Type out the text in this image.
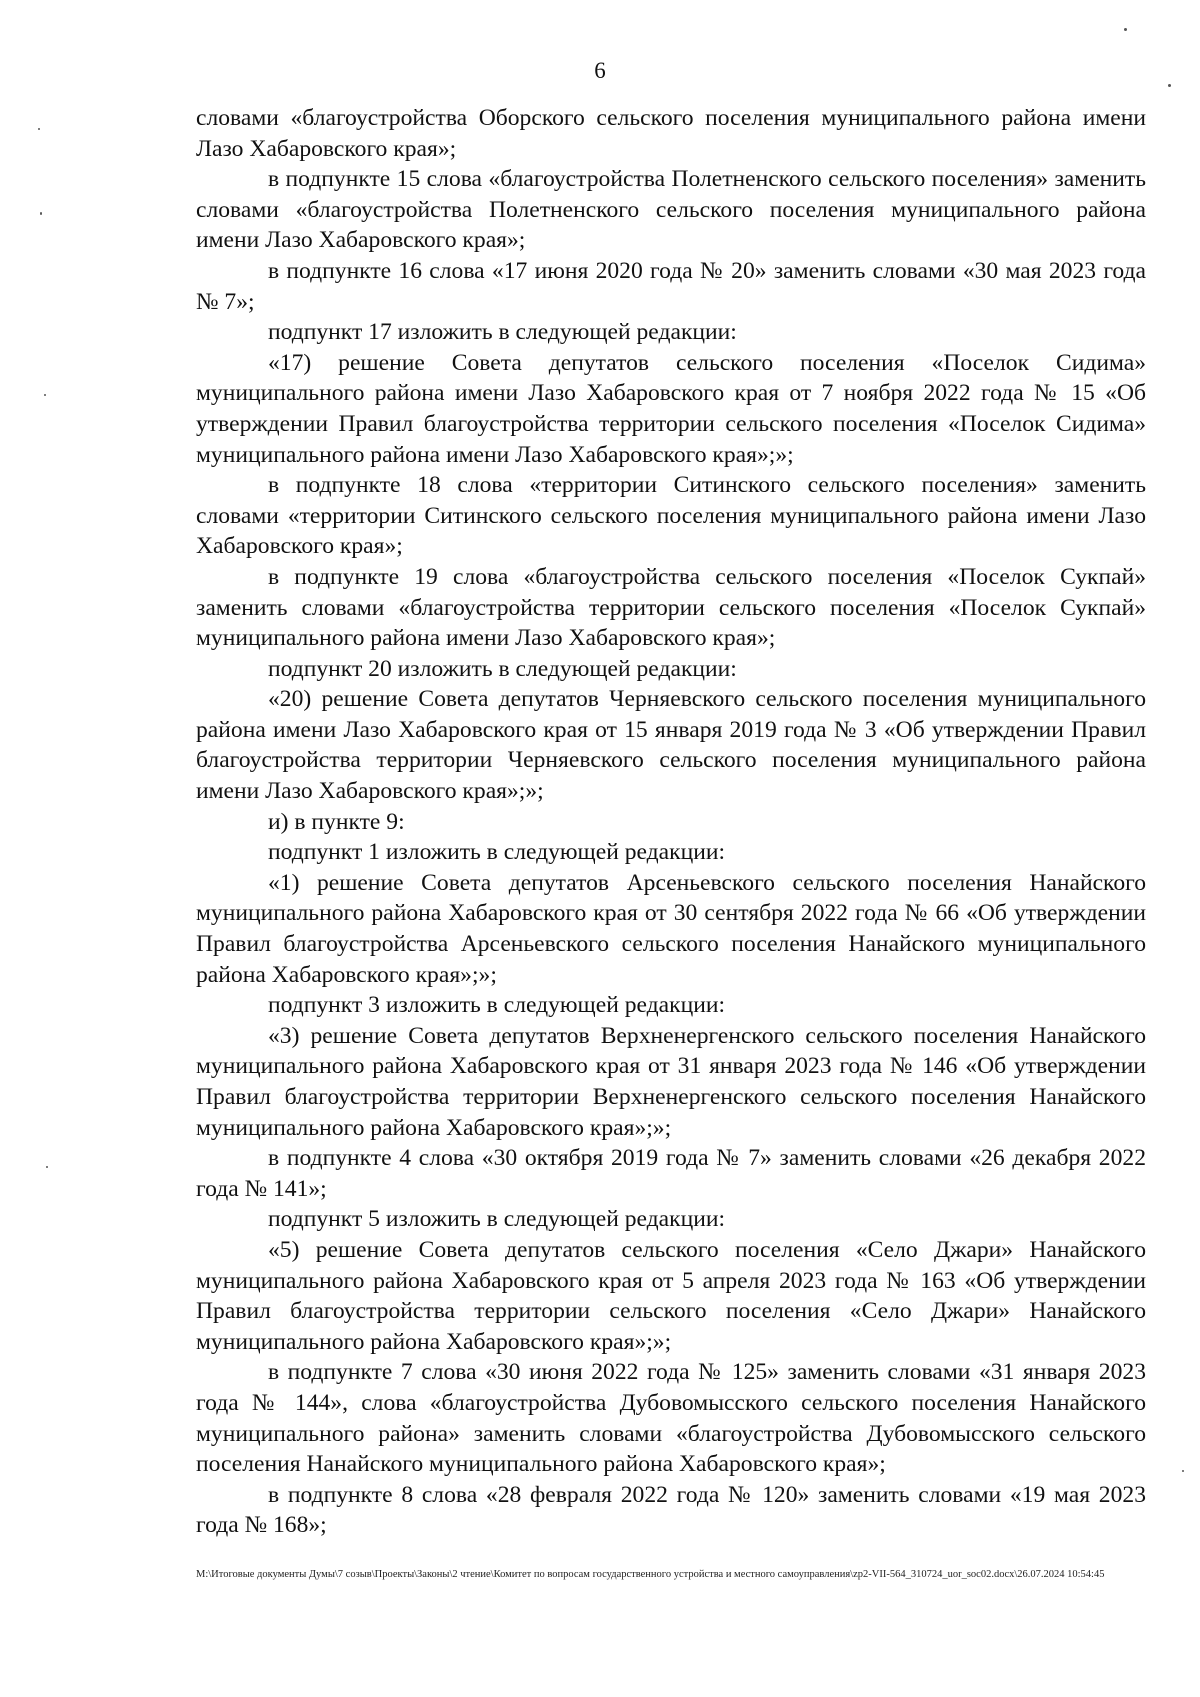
6

словами «благоустройства Оборского сельского поселения муниципального района имени Лазо Хабаровского края»;

в подпункте 15 слова «благоустройства Полетненского сельского поселения» заменить словами «благоустройства Полетненского сельского поселения муниципального района имени Лазо Хабаровского края»;

в подпункте 16 слова «17 июня 2020 года № 20» заменить словами «30 мая 2023 года № 7»;

подпункт 17 изложить в следующей редакции:

«17) решение Совета депутатов сельского поселения «Поселок Сидима» муниципального района имени Лазо Хабаровского края от 7 ноября 2022 года № 15 «Об утверждении Правил благоустройства территории сельского поселения «Поселок Сидима» муниципального района имени Лазо Хабаровского края»;»;

в подпункте 18 слова «территории Ситинского сельского поселения» заменить словами «территории Ситинского сельского поселения муниципального района имени Лазо Хабаровского края»;

в подпункте 19 слова «благоустройства сельского поселения «Поселок Сукпай» заменить словами «благоустройства территории сельского поселения «Поселок Сукпай» муниципального района имени Лазо Хабаровского края»;

подпункт 20 изложить в следующей редакции:

«20) решение Совета депутатов Черняевского сельского поселения муниципального района имени Лазо Хабаровского края от 15 января 2019 года № 3 «Об утверждении Правил благоустройства территории Черняевского сельского поселения муниципального района имени Лазо Хабаровского края»;»;

и) в пункте 9:

подпункт 1 изложить в следующей редакции:

«1) решение Совета депутатов Арсеньевского сельского поселения Нанайского муниципального района Хабаровского края от 30 сентября 2022 года № 66 «Об утверждении Правил благоустройства Арсеньевского сельского поселения Нанайского муниципального района Хабаровского края»;»;

подпункт 3 изложить в следующей редакции:

«3) решение Совета депутатов Верхненергенского сельского поселения Нанайского муниципального района Хабаровского края от 31 января 2023 года № 146 «Об утверждении Правил благоустройства территории Верхненергенского сельского поселения Нанайского муниципального района Хабаровского края»;»;

в подпункте 4 слова «30 октября 2019 года № 7» заменить словами «26 декабря 2022 года № 141»;

подпункт 5 изложить в следующей редакции:

«5) решение Совета депутатов сельского поселения «Село Джари» Нанайского муниципального района Хабаровского края от 5 апреля 2023 года № 163 «Об утверждении Правил благоустройства территории сельского поселения «Село Джари» Нанайского муниципального района Хабаровского края»;»;

в подпункте 7 слова «30 июня 2022 года № 125» заменить словами «31 января 2023 года № 144», слова «благоустройства Дубовомысского сельского поселения Нанайского муниципального района» заменить словами «благоустройства Дубовомысского сельского поселения Нанайского муниципального района Хабаровского края»;

в подпункте 8 слова «28 февраля 2022 года № 120» заменить словами «19 мая 2023 года № 168»;

M:\Итоговые документы Думы\7 созыв\Проекты\Законы\2 чтение\Комитет по вопросам государственного устройства и местного самоуправления\zp2-VII-564_310724_uor_soc02.docx\26.07.2024 10:54:45
